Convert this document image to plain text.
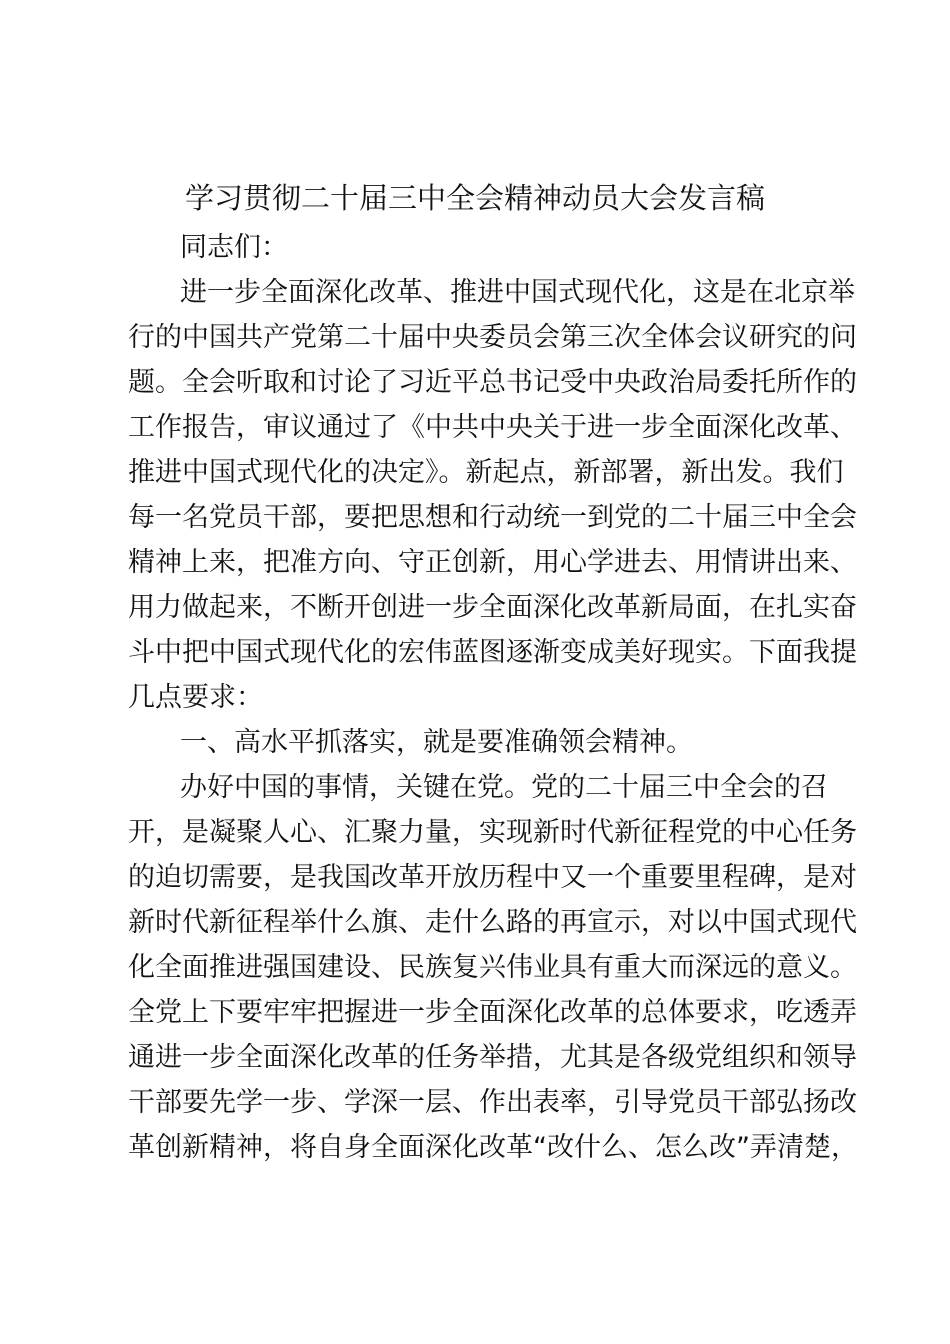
学习贯彻二十届三中全会精神动员大会发言稿
同志们：
进一步全面深化改革、推进中国式现代化，这是在北京举
行的中国共产党第二十届中央委员会第三次全体会议研究的问
题。全会听取和讨论了习近平总书记受中央政治局委托所作的
工作报告，审议通过了《中共中央关于进一步全面深化改革、
推进中国式现代化的决定》。新起点，新部署，新出发。我们
每一名党员干部，要把思想和行动统一到党的二十届三中全会
精神上来，把准方向、守正创新，用心学进去、用情讲出来、
用力做起来，不断开创进一步全面深化改革新局面，在扎实奋
斗中把中国式现代化的宏伟蓝图逐渐变成美好现实。下面我提
几点要求：
一、高水平抓落实，就是要准确领会精神。
办好中国的事情，关键在党。党的二十届三中全会的召
开，是凝聚人心、汇聚力量，实现新时代新征程党的中心任务
的迫切需要，是我国改革开放历程中又一个重要里程碑，是对
新时代新征程举什么旗、走什么路的再宣示，对以中国式现代
化全面推进强国建设、民族复兴伟业具有重大而深远的意义。
全党上下要牢牢把握进一步全面深化改革的总体要求，吃透弄
通进一步全面深化改革的任务举措，尤其是各级党组织和领导
干部要先学一步、学深一层、作出表率，引导党员干部弘扬改
革创新精神，将自身全面深化改革“改什么、怎么改”弄清楚，
